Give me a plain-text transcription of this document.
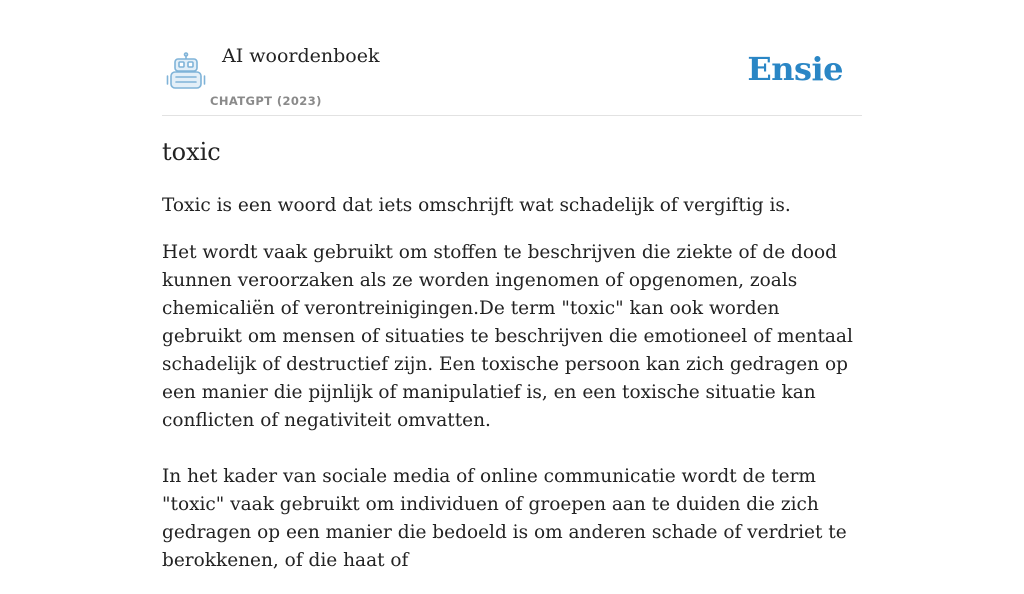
AI woordenboek
CHATGPT (2023)
Ensie
toxic

Toxic is een woord dat iets omschrijft wat schadelijk of vergiftig is.

Het wordt vaak gebruikt om stoffen te beschrijven die ziekte of de dood kunnen veroorzaken als ze worden ingenomen of opgenomen, zoals chemicaliën of verontreinigingen.De term "toxic" kan ook worden gebruikt om mensen of situaties te beschrijven die emotioneel of mentaal schadelijk of destructief zijn. Een toxische persoon kan zich gedragen op een manier die pijnlijk of manipulatief is, en een toxische situatie kan conflicten of negativiteit omvatten.

In het kader van sociale media of online communicatie wordt de term "toxic" vaak gebruikt om individuen of groepen aan te duiden die zich gedragen op een manier die bedoeld is om anderen schade of verdriet te berokkenen, of die haat of
